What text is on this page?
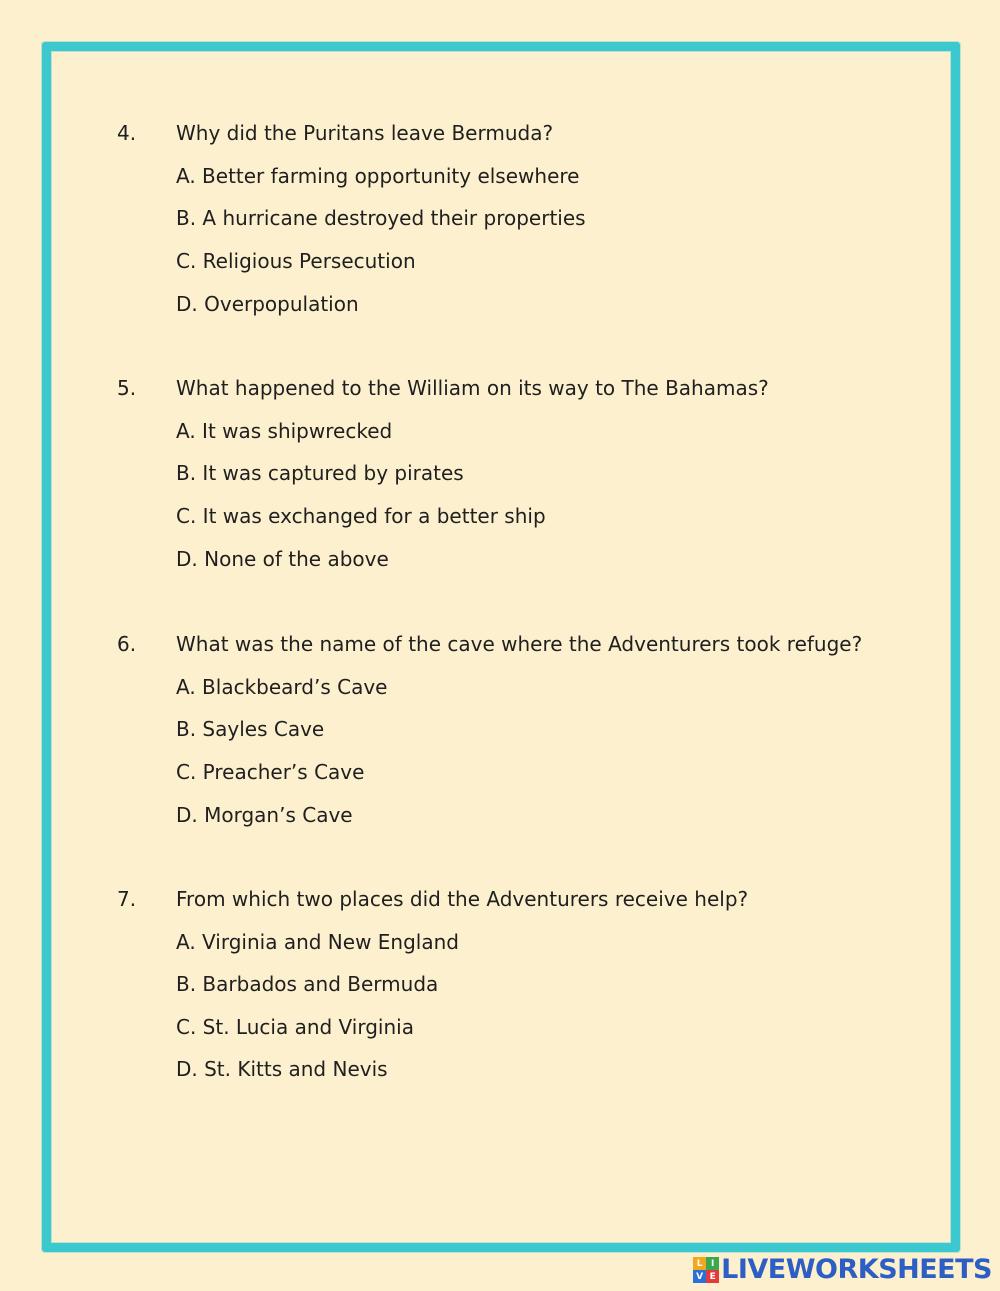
4. Why did the Puritans leave Bermuda?
A. Better farming opportunity elsewhere
B. A hurricane destroyed their properties
C. Religious Persecution
D. Overpopulation
5. What happened to the William on its way to The Bahamas?
A. It was shipwrecked
B. It was captured by pirates
C. It was exchanged for a better ship
D. None of the above
6. What was the name of the cave where the Adventurers took refuge?
A. Blackbeard’s Cave
B. Sayles Cave
C. Preacher’s Cave
D. Morgan’s Cave
7. From which two places did the Adventurers receive help?
A. Virginia and New England
B. Barbados and Bermuda
C. St. Lucia and Virginia
D. St. Kitts and Nevis
L I
V E LIVEWORKSHEETS
